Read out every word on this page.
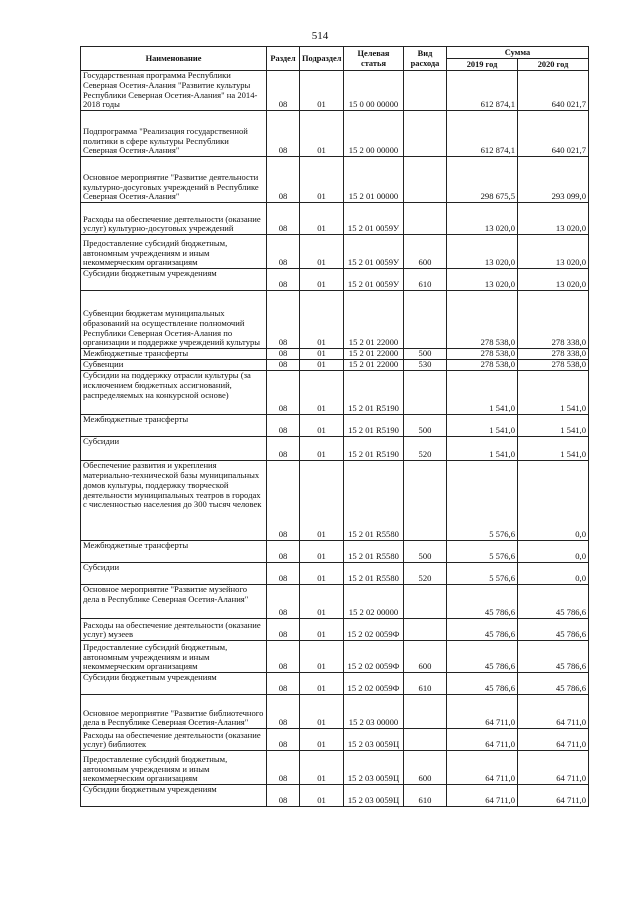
514
Наименование	Раздел	Подраздел	Целевая статья	Вид расхода	Сумма	
					2019 год	2020 год
Государственная программа Республики Северная Осетия-Алания "Развитие культуры Республики Северная Осетия-Алания" на 2014-2018 годы	08	01	15 0 00 00000		612 874,1	640 021,7
Подпрограмма "Реализация государственной политики в сфере культуры Республики Северная Осетия-Алания"	08	01	15 2 00 00000		612 874,1	640 021,7
Основное мероприятие "Развитие деятельности культурно-досуговых учреждений в Республике Северная Осетия-Алания"	08	01	15 2 01 00000		298 675,5	293 099,0
Расходы на обеспечение деятельности (оказание услуг) культурно-досуговых учреждений	08	01	15 2 01 0059У		13 020,0	13 020,0
Предоставление субсидий бюджетным, автономным учреждениям и иным некоммерческим организациям	08	01	15 2 01 0059У	600	13 020,0	13 020,0
Субсидии бюджетным учреждениям	08	01	15 2 01 0059У	610	13 020,0	13 020,0
Субвенции бюджетам муниципальных образований на осуществление полномочий Республики Северная Осетия-Алания по организации и поддержке учреждений культуры	08	01	15 2 01 22000		278 538,0	278 338,0
Межбюджетные трансферты	08	01	15 2 01 22000	500	278 538,0	278 338,0
Субвенции	08	01	15 2 01 22000	530	278 538,0	278 538,0
Субсидии на поддержку отрасли культуры (за исключением бюджетных ассигнований, распределяемых на конкурсной основе)	08	01	15 2 01 R5190		1 541,0	1 541,0
Межбюджетные трансферты	08	01	15 2 01 R5190	500	1 541,0	1 541,0
Субсидии	08	01	15 2 01 R5190	520	1 541,0	1 541,0
Обеспечение развития и укрепления материально-технической базы муниципальных домов культуры, поддержку творческой деятельности муниципальных театров в городах с численностью населения до 300 тысяч человек	08	01	15 2 01 R5580		5 576,6	0,0
Межбюджетные трансферты	08	01	15 2 01 R5580	500	5 576,6	0,0
Субсидии	08	01	15 2 01 R5580	520	5 576,6	0,0
Основное мероприятие "Развитие музейного дела в Республике Северная Осетия-Алания"	08	01	15 2 02 00000		45 786,6	45 786,6
Расходы на обеспечение деятельности (оказание услуг) музеев	08	01	15 2 02 0059Ф		45 786,6	45 786,6
Предоставление субсидий бюджетным, автономным учреждениям и иным некоммерческим организациям	08	01	15 2 02 0059Ф	600	45 786,6	45 786,6
Субсидии бюджетным учреждениям	08	01	15 2 02 0059Ф	610	45 786,6	45 786,6
Основное мероприятие "Развитие библиотечного дела в Республике Северная Осетия-Алания"	08	01	15 2 03 00000		64 711,0	64 711,0
Расходы на обеспечение деятельности (оказание услуг) библиотек	08	01	15 2 03 0059Ц		64 711,0	64 711,0
Предоставление субсидий бюджетным, автономным учреждениям и иным некоммерческим организациям	08	01	15 2 03 0059Ц	600	64 711,0	64 711,0
Субсидии бюджетным учреждениям	08	01	15 2 03 0059Ц	610	64 711,0	64 711,0
